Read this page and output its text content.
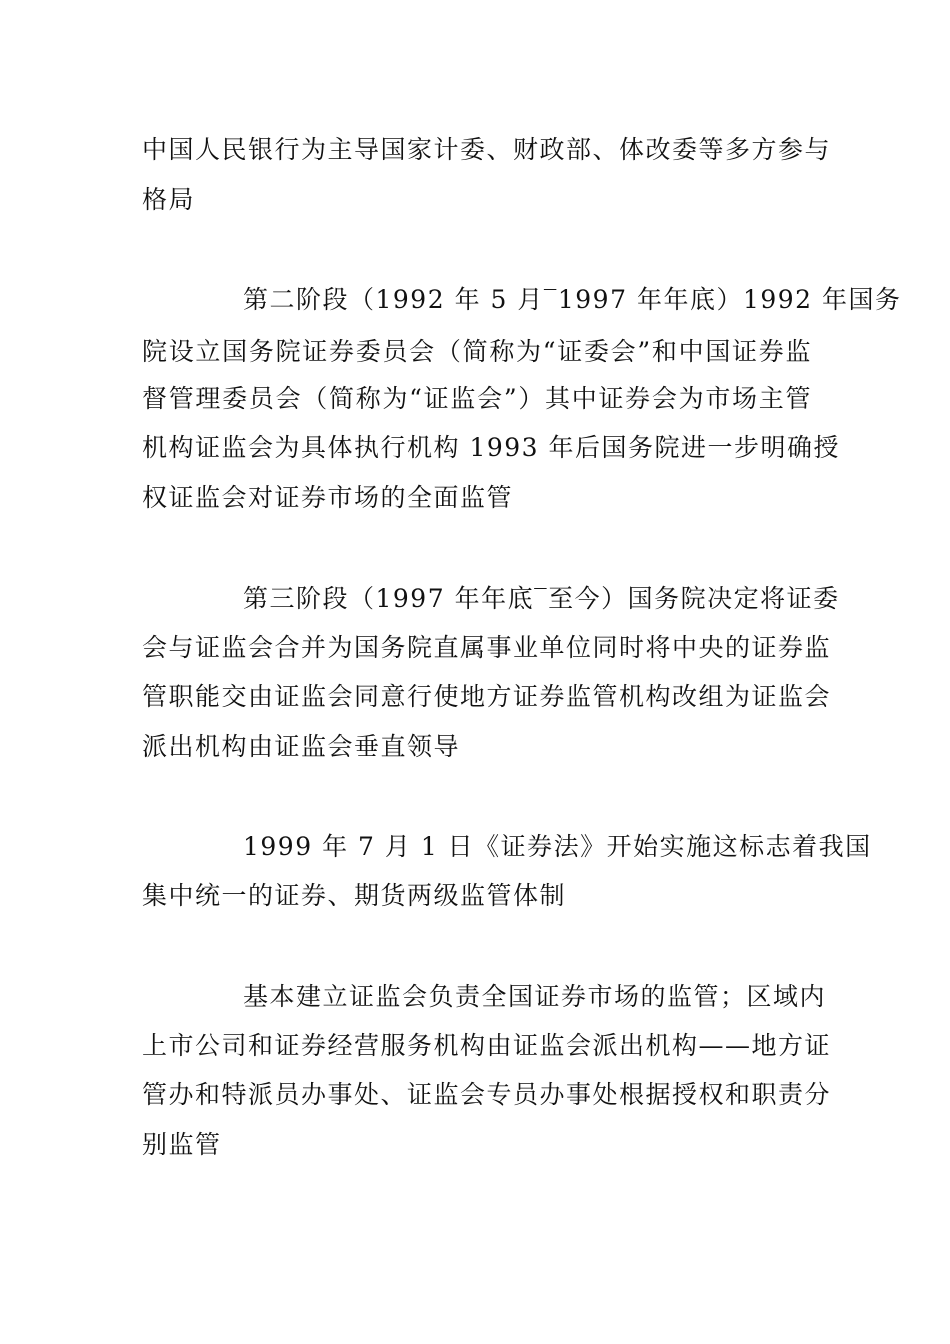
中国人民银行为主导国家计委、财政部、体改委等多方参与

格局

第二阶段（1992 年 5 月‾1997 年年底）1992 年国务

院设立国务院证券委员会（简称为“证委会”和中国证券监

督管理委员会（简称为“证监会”）其中证券会为市场主管

机构证监会为具体执行机构 1993 年后国务院进一步明确授

权证监会对证券市场的全面监管

第三阶段（1997 年年底‾至今）国务院决定将证委

会与证监会合并为国务院直属事业单位同时将中央的证券监

管职能交由证监会同意行使地方证券监管机构改组为证监会

派出机构由证监会垂直领导

1999 年 7 月 1 日《证券法》开始实施这标志着我国

集中统一的证券、期货两级监管体制

基本建立证监会负责全国证券市场的监管；区域内

上市公司和证券经营服务机构由证监会派出机构——地方证

管办和特派员办事处、证监会专员办事处根据授权和职责分

别监管
